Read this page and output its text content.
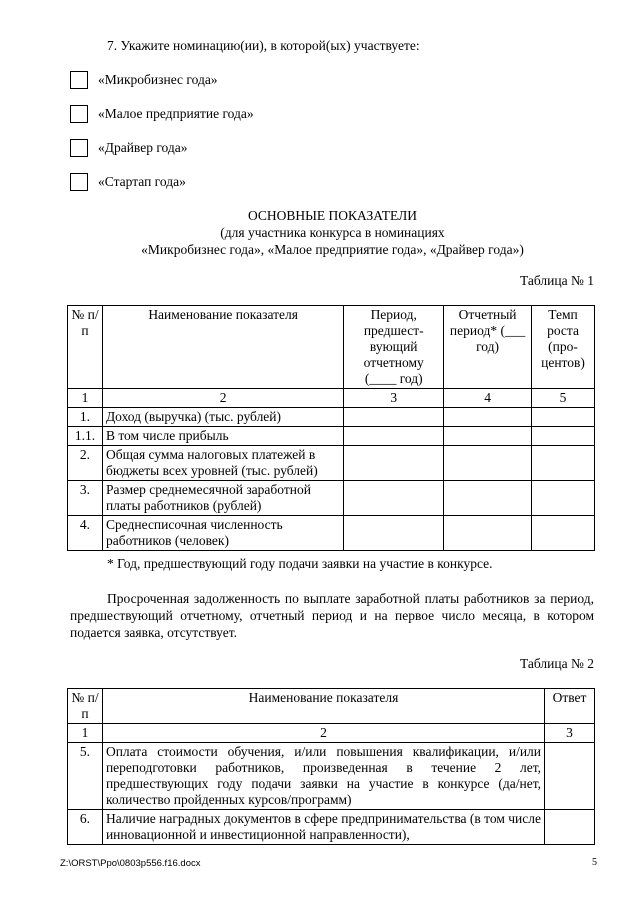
7. Укажите номинацию(ии), в которой(ых) участвуете:
«Микробизнес года»
«Малое предприятие года»
«Драйвер года»
«Стартап года»
ОСНОВНЫЕ ПОКАЗАТЕЛИ
(для участника конкурса в номинациях
«Микробизнес года», «Малое предприятие года», «Драйвер года»)
Таблица № 1
№ п/п	Наименование показателя	Период, предшест-вующий отчетному (____ год)	Отчетный период* (___ год)	Темп роста (про-центов)
1	2	3	4	5
1.	Доход (выручка) (тыс. рублей)			
1.1.	В том числе прибыль			
2.	Общая сумма налоговых платежей в бюджеты всех уровней (тыс. рублей)			
3.	Размер среднемесячной заработной платы работников (рублей)			
4.	Среднесписочная численность работников (человек)			
* Год, предшествующий году подачи заявки на участие в конкурсе.
Просроченная задолженность по выплате заработной платы работников за период, предшествующий отчетному, отчетный период и на первое число месяца, в котором подается заявка, отсутствует.
Таблица № 2
№ п/п	Наименование показателя	Ответ
1	2	3
5.	Оплата стоимости обучения, и/или повышения квалификации, и/или переподготовки работников, произведенная в течение 2 лет, предшествующих году подачи заявки на участие в конкурсе (да/нет, количество пройденных курсов/программ)	
6.	Наличие наградных документов в сфере предпринимательства (в том числе инновационной и инвестиционной направленности),	
Z:\ORST\Ppo\0803p556.f16.docx	5
